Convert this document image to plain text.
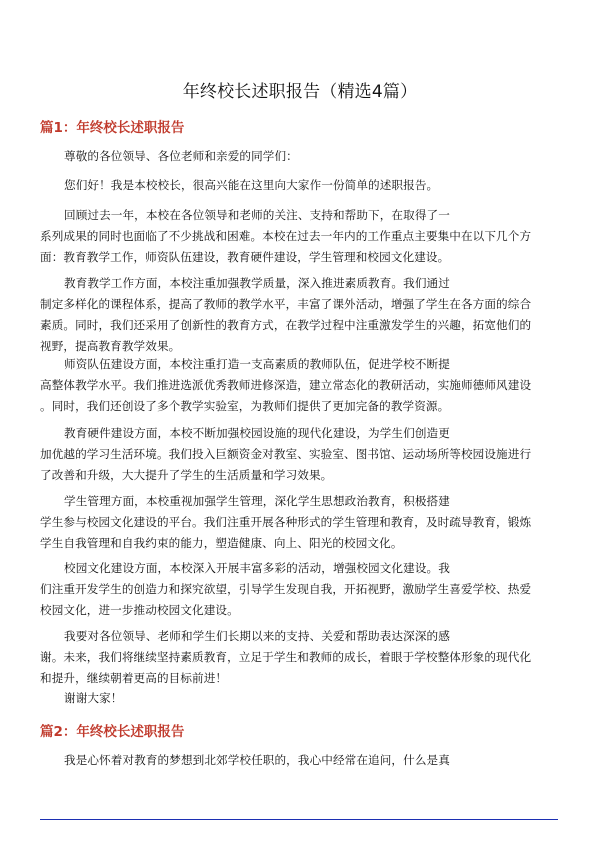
年终校长述职报告（精选4篇）
篇1：年终校长述职报告
尊敬的各位领导、各位老师和亲爱的同学们：
您们好！我是本校校长，很高兴能在这里向大家作一份简单的述职报告。
回顾过去一年，本校在各位领导和老师的关注、支持和帮助下，在取得了一
系列成果的同时也面临了不少挑战和困难。本校在过去一年内的工作重点主要集中在以下几个方
面：教育教学工作，师资队伍建设，教育硬件建设，学生管理和校园文化建设。
教育教学工作方面，本校注重加强教学质量，深入推进素质教育。我们通过
制定多样化的课程体系，提高了教师的教学水平，丰富了课外活动，增强了学生在各方面的综合
素质。同时，我们还采用了创新性的教育方式，在教学过程中注重激发学生的兴趣，拓宽他们的
视野，提高教育教学效果。
师资队伍建设方面，本校注重打造一支高素质的教师队伍，促进学校不断提
高整体教学水平。我们推进选派优秀教师进修深造，建立常态化的教研活动，实施师德师风建设
。同时，我们还创设了多个教学实验室，为教师们提供了更加完备的教学资源。
教育硬件建设方面，本校不断加强校园设施的现代化建设，为学生们创造更
加优越的学习生活环境。我们投入巨额资金对教室、实验室、图书馆、运动场所等校园设施进行
了改善和升级，大大提升了学生的生活质量和学习效果。
学生管理方面，本校重视加强学生管理，深化学生思想政治教育，积极搭建
学生参与校园文化建设的平台。我们注重开展各种形式的学生管理和教育，及时疏导教育，锻炼
学生自我管理和自我约束的能力，塑造健康、向上、阳光的校园文化。
校园文化建设方面，本校深入开展丰富多彩的活动，增强校园文化建设。我
们注重开发学生的创造力和探究欲望，引导学生发现自我，开拓视野，激励学生喜爱学校、热爱
校园文化，进一步推动校园文化建设。
我要对各位领导、老师和学生们长期以来的支持、关爱和帮助表达深深的感
谢。未来，我们将继续坚持素质教育，立足于学生和教师的成长，着眼于学校整体形象的现代化
和提升，继续朝着更高的目标前进！
谢谢大家！
篇2：年终校长述职报告
我是心怀着对教育的梦想到北郊学校任职的，我心中经常在追问，什么是真
